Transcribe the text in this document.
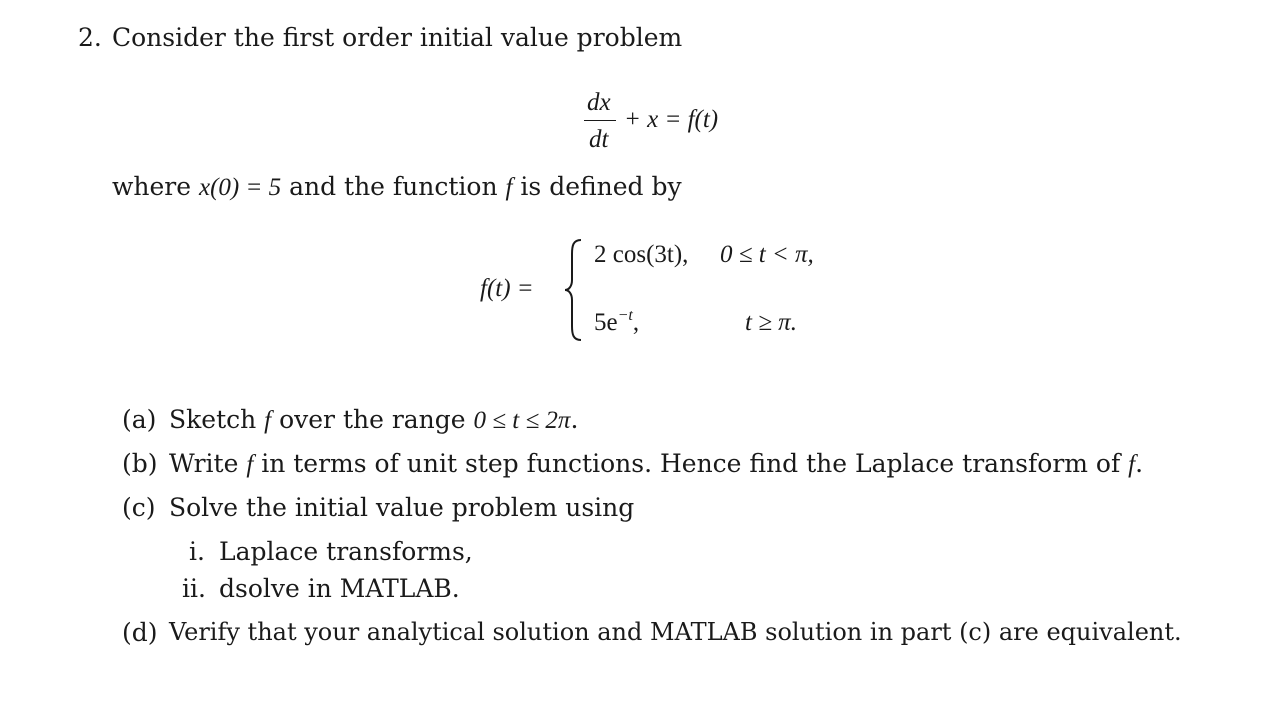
2. Consider the first order initial value problem
dx
dt
+ x = f(t)
where x(0) = 5 and the function f is defined by
f(t) =
2 cos(3t), 0 ≤ t < π,
$5e^{-t}$,	t ≥ π.
(a) Sketch f over the range 0 ≤ t ≤ 2π.
(b) Write f in terms of unit step functions. Hence find the Laplace transform of f.
(c) Solve the initial value problem using
i. Laplace transforms,
ii. dsolve in MATLAB.
(d) Verify that your analytical solution and MATLAB solution in part (c) are equivalent.
